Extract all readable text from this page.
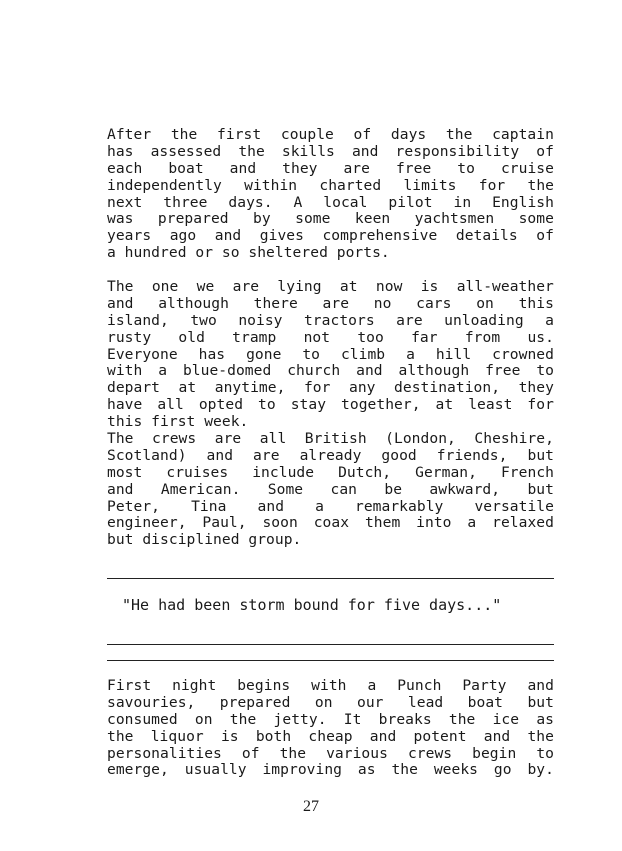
After the first couple of days the captain
has assessed the skills and responsibility of
each boat and they are free to cruise
independently within charted limits for the
next three days. A local pilot in English
was prepared by some keen yachtsmen some
years ago and gives comprehensive details of
a hundred or so sheltered ports.
The one we are lying at now is all-weather
and although there are no cars on this
island, two noisy tractors are unloading a
rusty old tramp not too far from us.
Everyone has gone to climb a hill crowned
with a blue-domed church and although free to
depart at anytime, for any destination, they
have all opted to stay together, at least for
this first week.
The crews are all British (London, Cheshire,
Scotland) and are already good friends, but
most cruises include Dutch, German, French
and American. Some can be awkward, but
Peter, Tina and a remarkably versatile
engineer, Paul, soon coax them into a relaxed
but disciplined group.
"He had been storm bound for five days..."
First night begins with a Punch Party and
savouries, prepared on our lead boat but
consumed on the jetty. It breaks the ice as
the liquor is both cheap and potent and the
personalities of the various crews begin to
emerge, usually improving as the weeks go by.
27
